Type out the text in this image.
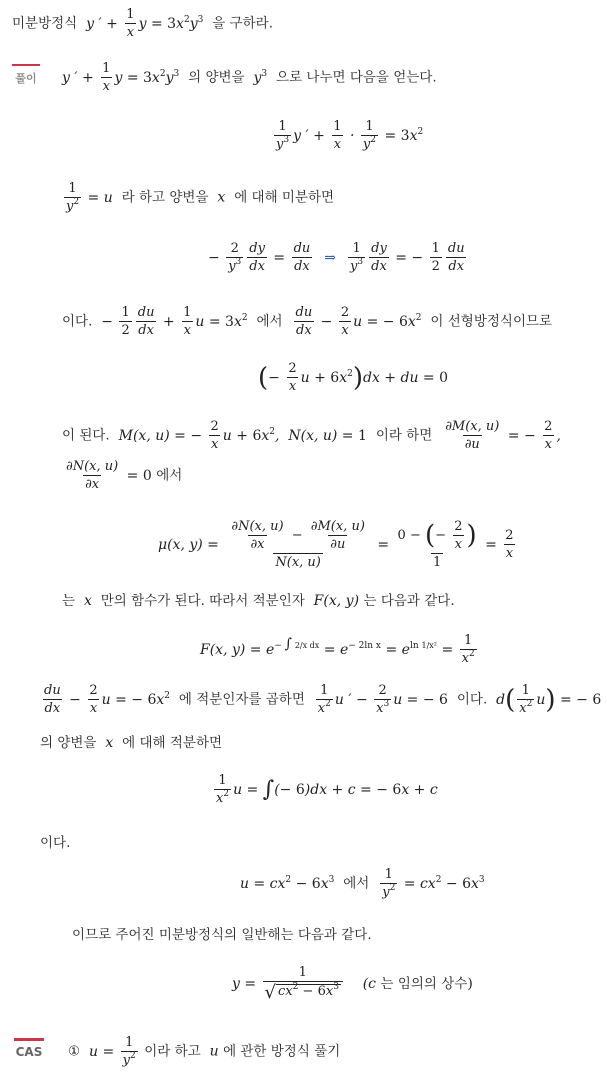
미분방정식  y ′ + $\frac{1}{x}$ $y = 3x^2y^3$ 을 구하라.
풀이 y ′ + $\frac{1}{x}$ $y = 3x^2y^3$ 의 양변을  $y^3$ 으로 나누면 다음을 얻는다.
$\frac{1}{y^3}$ y ′ + $\frac{1}{x} \cdot \frac{1}{y^2} = 3x^2$
$\frac{1}{y^2} = u$  라 하고 양변을  x  에 대해 미분하면
− $\frac{2}{y^3} \frac{dy}{dx} = \frac{du}{dx}$ ⇒ $\frac{1}{y^3} \frac{dy}{dx}$ = − $\frac{1}{2} \frac{du}{dx}$
이다.  − $\frac{1}{2} \frac{du}{dx} + \frac{1}{x}$ $u = 3x^2$ 에서 $\frac{du}{dx} - \frac{2}{x}$ u = − $6x^2$ 이 선형방정식이므로
(− $\frac{2}{x}$ $u + 6x^2)dx$ + du = 0
이 된다.  M(x, u) = − $\frac{2}{x}$ $u + 6x^2$,  N(x, u) = 1 이라 하면 $\frac{\partial M(x, u)}{\partial u}$ = − $\frac{2}{x}$ ,
$\frac{\partial N(x, u)}{\partial x} = 0$ 에서
μ(x, $y) = \frac{\frac{\partial N(x, u)}{\partial x} - \frac{\partial M(x, u)}{\partial u}}{N(x, u)} = \frac{0 - (- \frac{2}{x} )}{1} = \frac{2}{x}$
는  x  만의 함수가 된다. 따라서 적분인자  F(x, y) 는 다음과 같다.
F(x, $y) = e^{- \int 2/x dx} = e^{- 2ln x} = e^{ln 1/x^2} = \frac{1}{x^2}$
$\frac{du}{dx} - \frac{2}{x}$ u = − $6x^2$ 에 적분인자를 곱하면 $\frac{1}{x^2}$ u ′ − $\frac{2}{x^3}$ u = − 6 이다.  $d( \frac{1}{x^2} u)$ = − 6
의 양변을  x  에 대해 적분하면
$\frac{1}{x^2}$ u = ∫(− 6)dx + c = − 6x + c
이다.
$u = cx^2 - 6x^3$ 에서 $\frac{1}{y^2} = cx^2 - 6x^3$
이므로 주어진 미분방정식의 일반해는 다음과 같다.
$y = \frac{1}{√ cx^2 - 6x^3} (c$ 는 임의의 상수)
CAS ①  $u = \frac{1}{y^2}$ 이라 하고  u 에 관한 방정식 풀기
